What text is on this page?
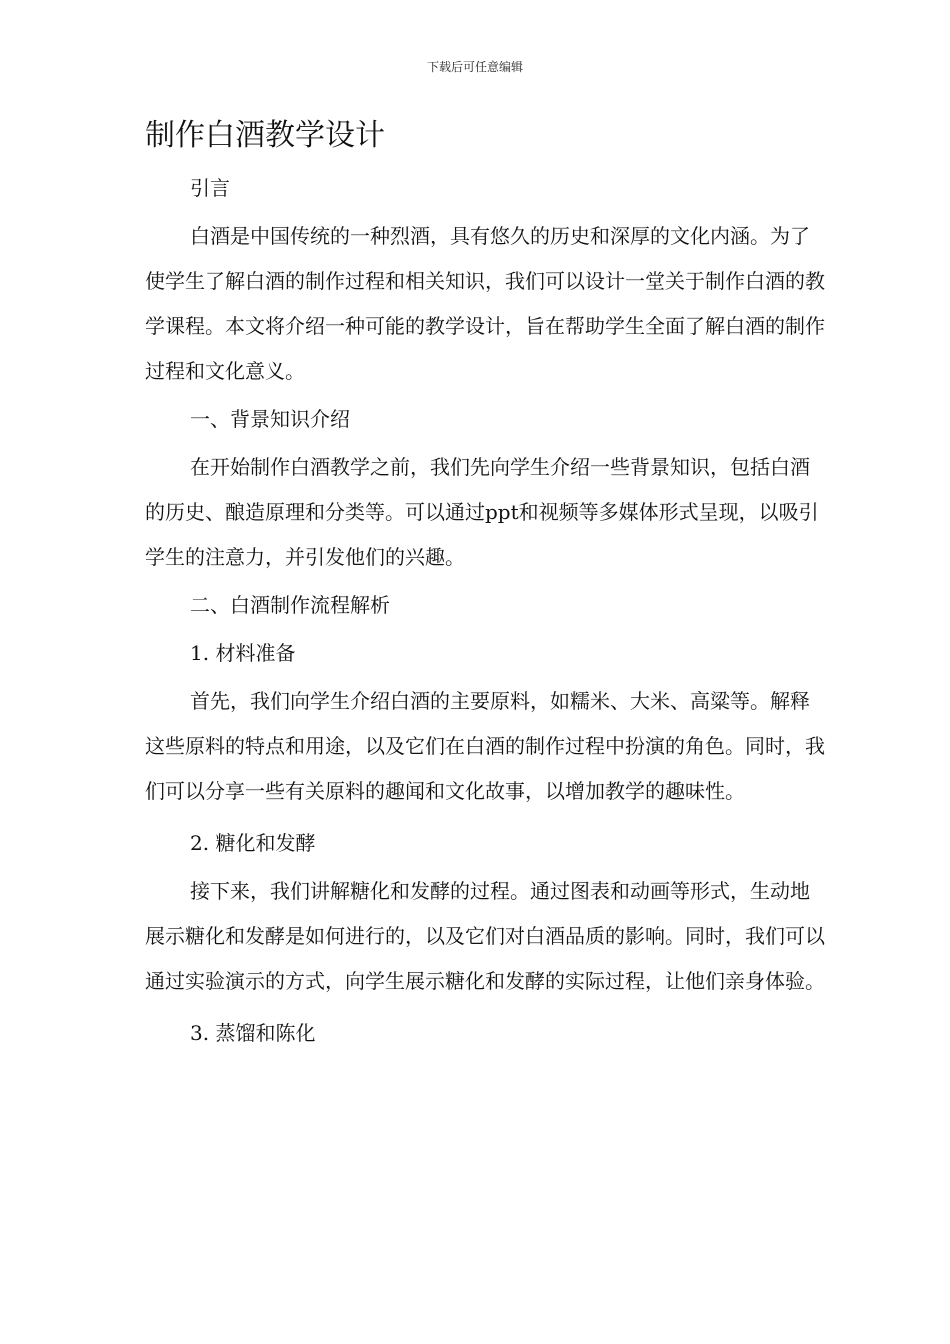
下载后可任意编辑
制作白酒教学设计

引言

白酒是中国传统的一种烈酒，具有悠久的历史和深厚的文化内涵。为了使学生了解白酒的制作过程和相关知识，我们可以设计一堂关于制作白酒的教学课程。本文将介绍一种可能的教学设计，旨在帮助学生全面了解白酒的制作过程和文化意义。

一、背景知识介绍

在开始制作白酒教学之前，我们先向学生介绍一些背景知识，包括白酒的历史、酿造原理和分类等。可以通过ppt和视频等多媒体形式呈现，以吸引学生的注意力，并引发他们的兴趣。

二、白酒制作流程解析

1. 材料准备

首先，我们向学生介绍白酒的主要原料，如糯米、大米、高粱等。解释这些原料的特点和用途，以及它们在白酒的制作过程中扮演的角色。同时，我们可以分享一些有关原料的趣闻和文化故事，以增加教学的趣味性。

2. 糖化和发酵

接下来，我们讲解糖化和发酵的过程。通过图表和动画等形式，生动地展示糖化和发酵是如何进行的，以及它们对白酒品质的影响。同时，我们可以通过实验演示的方式，向学生展示糖化和发酵的实际过程，让他们亲身体验。

3. 蒸馏和陈化
